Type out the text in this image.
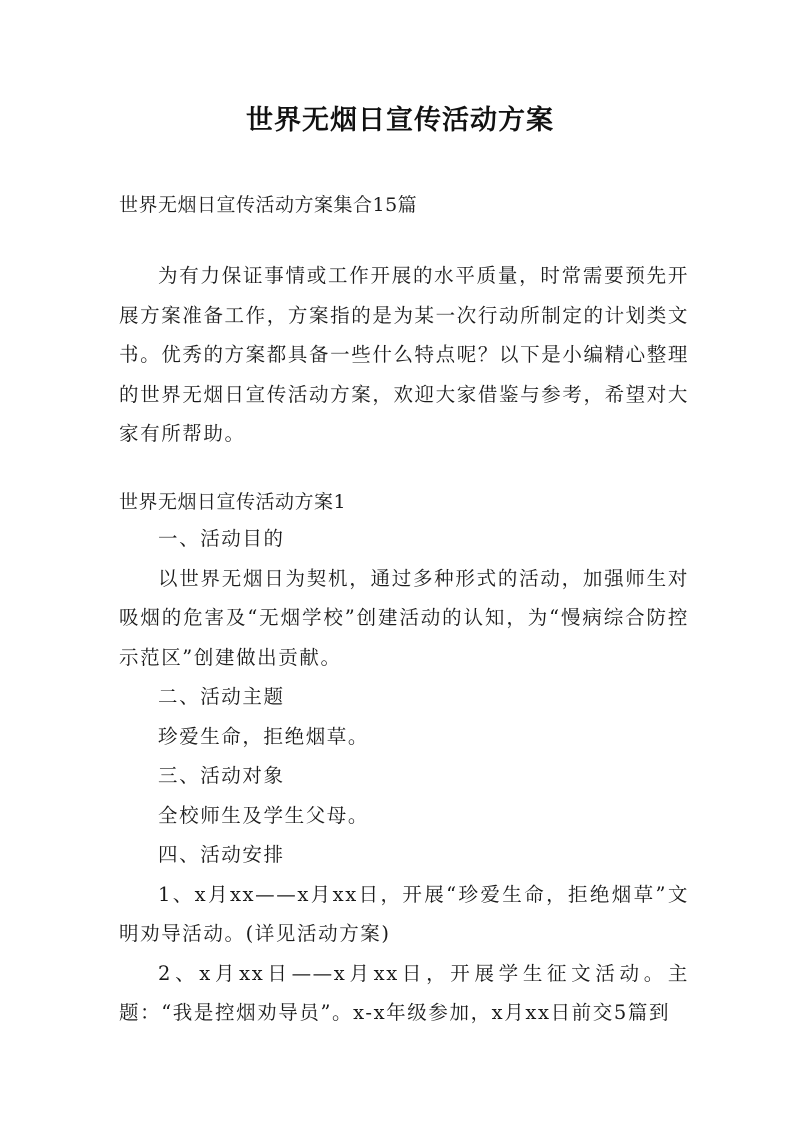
世界无烟日宣传活动方案
世界无烟日宣传活动方案集合15篇

为有力保证事情或工作开展的水平质量，时常需要预先开展方案准备工作，方案指的是为某一次行动所制定的计划类文书。优秀的方案都具备一些什么特点呢？以下是小编精心整理的世界无烟日宣传活动方案，欢迎大家借鉴与参考，希望对大家有所帮助。

世界无烟日宣传活动方案1

一、活动目的

以世界无烟日为契机，通过多种形式的活动，加强师生对吸烟的危害及“无烟学校”创建活动的认知，为“慢病综合防控示范区”创建做出贡献。

二、活动主题

珍爱生命，拒绝烟草。

三、活动对象

全校师生及学生父母。

四、活动安排

1、x月xx——x月xx日，开展“珍爱生命，拒绝烟草”文明劝导活动。(详见活动方案)

2、x月xx日——x月xx日，开展学生征文活动。主题：“我是控烟劝导员”。x-x年级参加，x月xx日前交5篇到
